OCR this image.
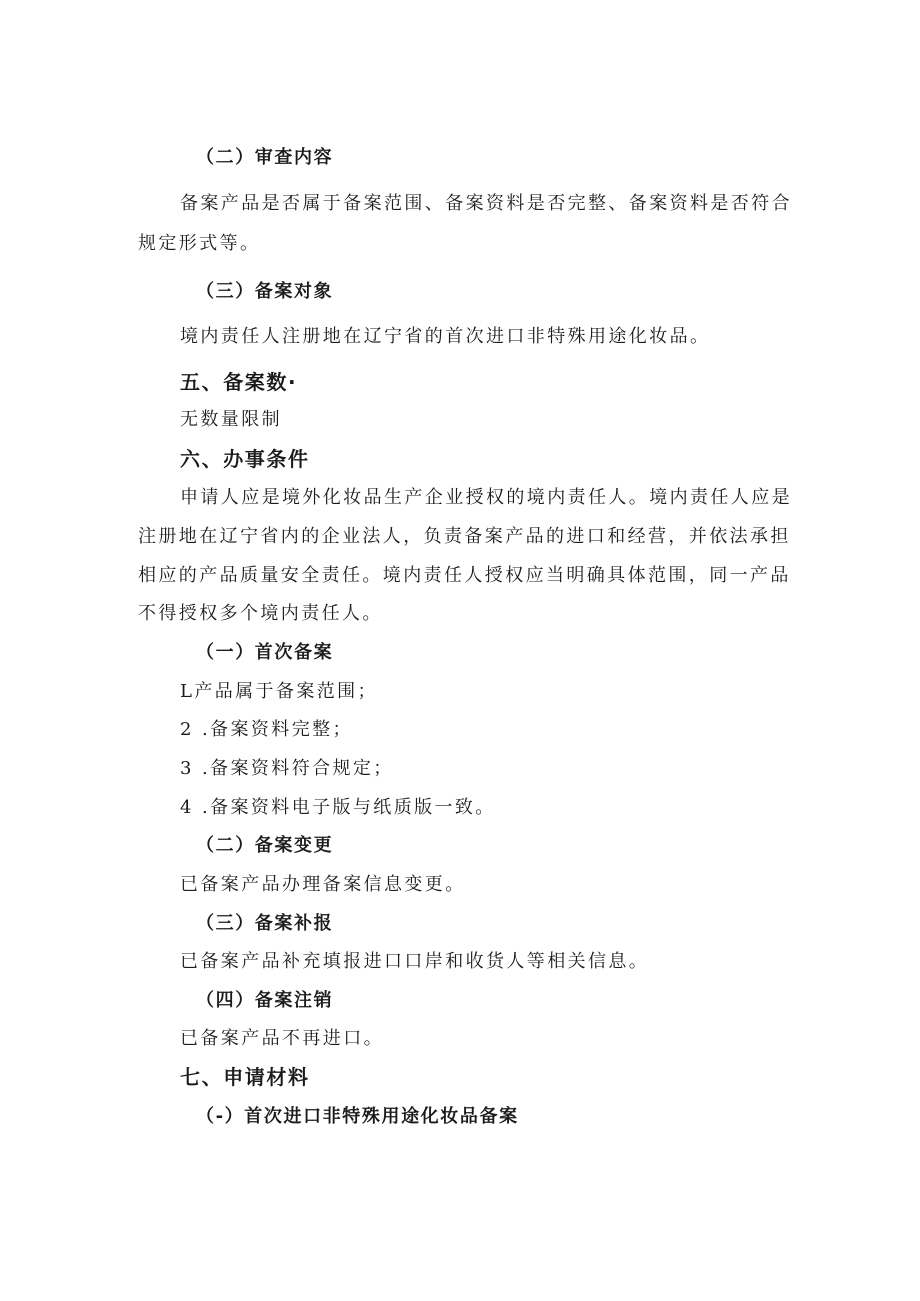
（二）审查内容
备案产品是否属于备案范围、备案资料是否完整、备案资料是否符合
规定形式等。
（三）备案对象
境内责任人注册地在辽宁省的首次进口非特殊用途化妆品。
五、备案数·
无数量限制
六、办事条件
申请人应是境外化妆品生产企业授权的境内责任人。境内责任人应是
注册地在辽宁省内的企业法人，负责备案产品的进口和经营，并依法承担
相应的产品质量安全责任。境内责任人授权应当明确具体范围，同一产品
不得授权多个境内责任人。
（一）首次备案
L产品属于备案范围；
2 .备案资料完整；
3 .备案资料符合规定；
4 .备案资料电子版与纸质版一致。
（二）备案变更
已备案产品办理备案信息变更。
（三）备案补报
已备案产品补充填报进口口岸和收货人等相关信息。
（四）备案注销
已备案产品不再进口。
七、申请材料
（-）首次进口非特殊用途化妆品备案
